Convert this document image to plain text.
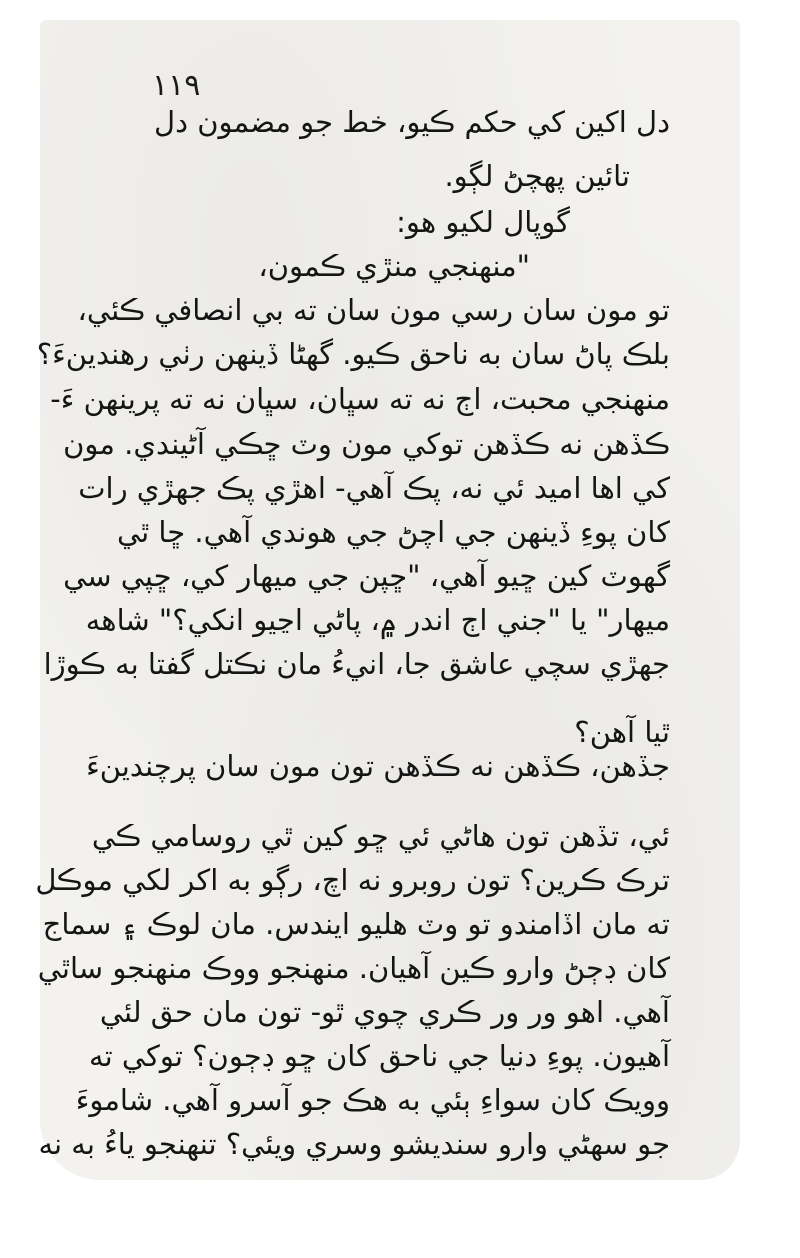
١١٩
دل اکين کي حکم ڪيو، خط جو مضمون دل
تائين پهچڻ لڳو.
گوپال لکيو هو:
"منهنجي منڙي ڪمون،
تو مون سان رسي مون سان ته بي انصافي ڪئي،
بلڪ پاڻ سان به ناحق ڪيو. گهڻا ڏينهن رٺي رهندينءَ؟
منهنجي محبت، اڄ نه ته سڀان، سڀان نه ته پرينهن ءَ-
ڪڏهن نه ڪڏهن توکي مون وٽ ڇڪي آڻيندي. مون
کي اها اميد ئي نه، پڪ آهي- اهڙي پڪ جهڙي رات
کان پوءِ ڏينهن جي اچڻ جي هوندي آهي. ڇا ٿي
گهوٽ کين ڇيو آهي، "ڇپن جي ميهار کي، ڇپي سي
ميهار" يا "جني اڄ اندر ۾، پاڻي اڃيو انکي؟" شاهه
جهڙي سچي عاشق جا، انيءُ مان نڪتل گفتا به ڪوڙا
ٿيا آهن؟
جڏهن، ڪڏهن نه ڪڏهن تون مون سان پرچندينءَ
ئي، تڏهن تون هاڻي ئي ڇو کين ٿي روسامي ڪي
ترڪ ڪرين؟ تون روبرو نه اچ، رڳو به اکر لکي موڪل
ته مان اڏامندو تو وٽ هليو ايندس. مان لوڪ ۽ سماج
کان ڊڄڻ وارو ڪين آهيان. منهنجو ووڪ منهنجو ساٿي
آهي. اهو ور ور ڪري چوي ٿو- تون مان حق لئي
آهيون. پوءِ دنيا جي ناحق کان ڇو ڊڄون؟ توکي ته
وويڪ کان سواءِ ٻئي به هڪ جو آسرو آهي. شاموءَ
جو سهڻي وارو سنديشو وسري ويئي؟ تنهنجو ياءُ به نه
